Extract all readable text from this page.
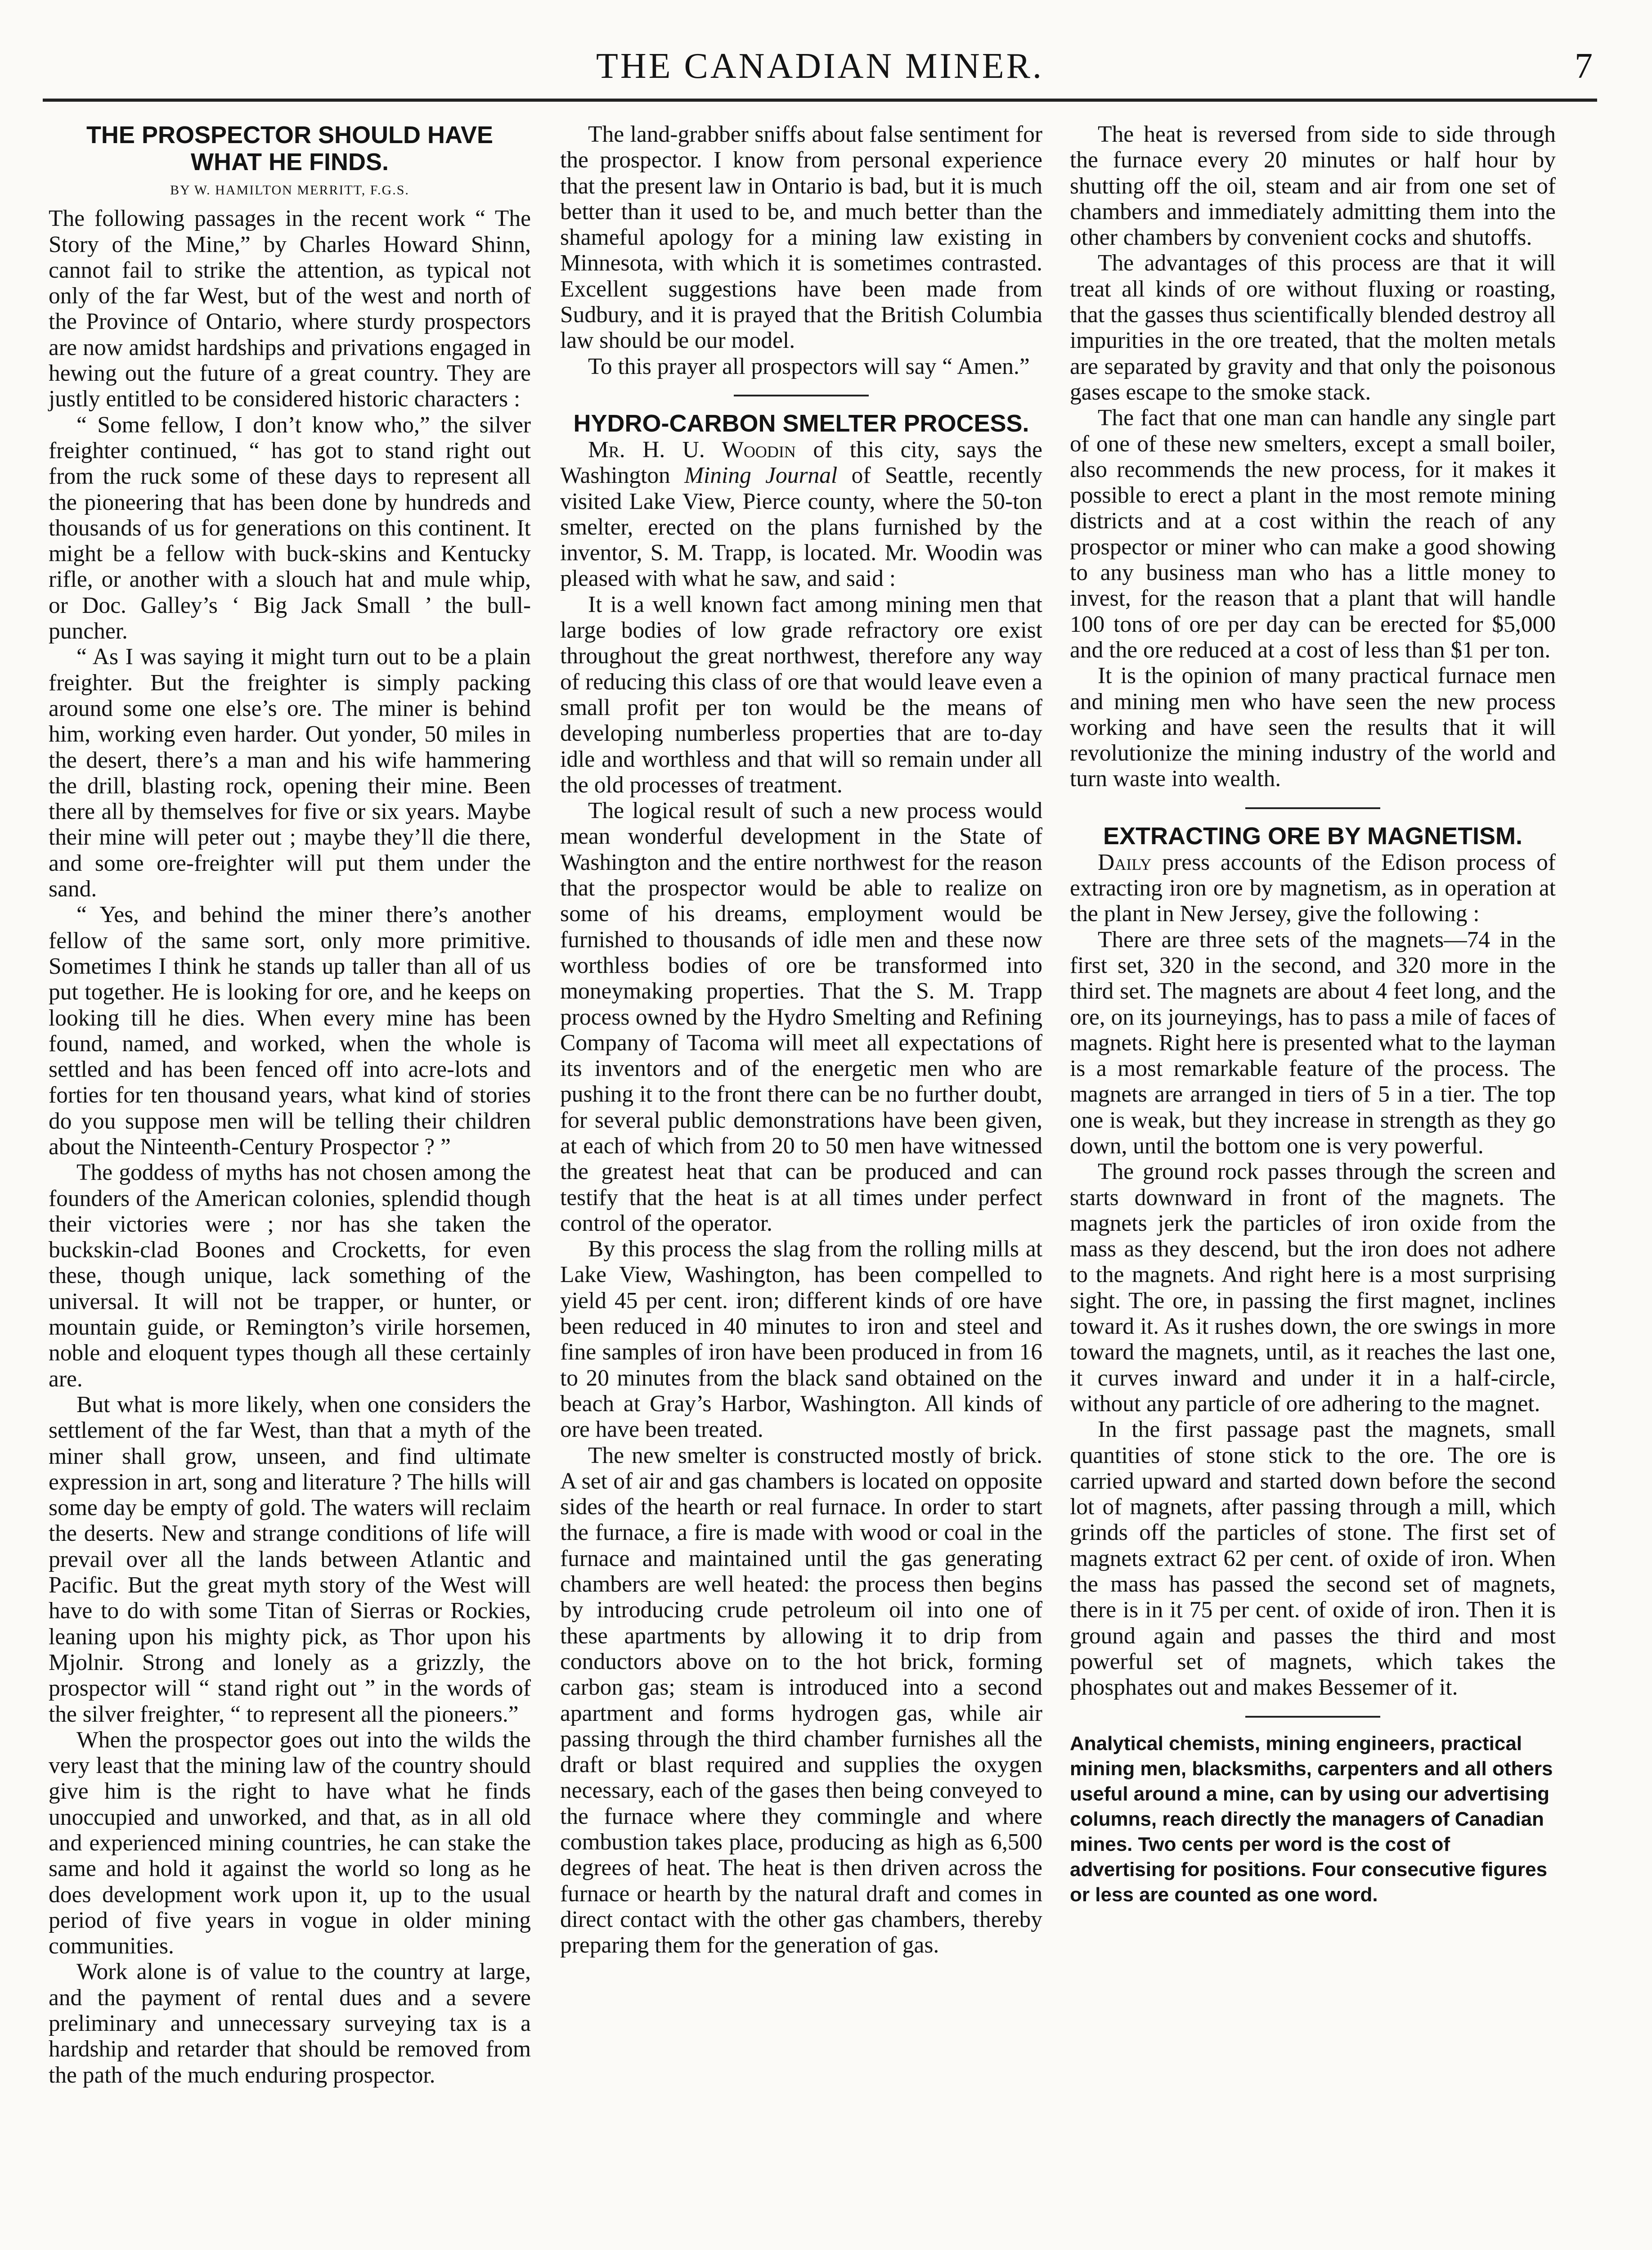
THE CANADIAN MINER.	7
THE PROSPECTOR SHOULD HAVE WHAT HE FINDS.
BY W. HAMILTON MERRITT, F.G.S.

The following passages in the recent work “ The Story of the Mine,” by Charles Howard Shinn, cannot fail to strike the attention, as typical not only of the far West, but of the west and north of the Province of Ontario, where sturdy prospectors are now amidst hardships and privations engaged in hewing out the future of a great country. They are justly entitled to be considered historic characters :

“ Some fellow, I don’t know who,” the silver freighter continued, “ has got to stand right out from the ruck some of these days to represent all the pioneering that has been done by hundreds and thousands of us for generations on this continent. It might be a fellow with buck-skins and Kentucky rifle, or another with a slouch hat and mule whip, or Doc. Galley’s ‘ Big Jack Small ’ the bull-puncher.

“ As I was saying it might turn out to be a plain freighter. But the freighter is simply packing around some one else’s ore. The miner is behind him, working even harder. Out yonder, 50 miles in the desert, there’s a man and his wife hammering the drill, blasting rock, opening their mine. Been there all by themselves for five or six years. Maybe their mine will peter out ; maybe they’ll die there, and some ore-freighter will put them under the sand.

“ Yes, and behind the miner there’s another fellow of the same sort, only more primitive. Sometimes I think he stands up taller than all of us put together. He is looking for ore, and he keeps on looking till he dies. When every mine has been found, named, and worked, when the whole is settled and has been fenced off into acre-lots and forties for ten thousand years, what kind of stories do you suppose men will be telling their children about the Ninteenth-Century Prospector ? ”

The goddess of myths has not chosen among the founders of the American colonies, splendid though their victories were ; nor has she taken the buckskin-clad Boones and Crocketts, for even these, though unique, lack something of the universal. It will not be trapper, or hunter, or mountain guide, or Remington’s virile horsemen, noble and eloquent types though all these certainly are.

But what is more likely, when one considers the settlement of the far West, than that a myth of the miner shall grow, unseen, and find ultimate expression in art, song and literature ? The hills will some day be empty of gold. The waters will reclaim the deserts. New and strange conditions of life will prevail over all the lands between Atlantic and Pacific. But the great myth story of the West will have to do with some Titan of Sierras or Rockies, leaning upon his mighty pick, as Thor upon his Mjolnir. Strong and lonely as a grizzly, the prospector will “ stand right out ” in the words of the silver freighter, “ to represent all the pioneers.”

When the prospector goes out into the wilds the very least that the mining law of the country should give him is the right to have what he finds unoccupied and unworked, and that, as in all old and experienced mining countries, he can stake the same and hold it against the world so long as he does development work upon it, up to the usual period of five years in vogue in older mining communities.

Work alone is of value to the country at large, and the payment of rental dues and a severe preliminary and unnecessary surveying tax is a hardship and retarder that should be removed from the path of the much enduring prospector.

The land-grabber sniffs about false sentiment for the prospector. I know from personal experience that the present law in Ontario is bad, but it is much better than it used to be, and much better than the shameful apology for a mining law existing in Minnesota, with which it is sometimes contrasted. Excellent suggestions have been made from Sudbury, and it is prayed that the British Columbia law should be our model.

To this prayer all prospectors will say “ Amen.”

HYDRO-CARBON SMELTER PROCESS.

Mr. H. U. Woodin of this city, says the Washington Mining Journal of Seattle, recently visited Lake View, Pierce county, where the 50-ton smelter, erected on the plans furnished by the inventor, S. M. Trapp, is located. Mr. Woodin was pleased with what he saw, and said :

It is a well known fact among mining men that large bodies of low grade refractory ore exist throughout the great northwest, therefore any way of reducing this class of ore that would leave even a small profit per ton would be the means of developing numberless properties that are to-day idle and worthless and that will so remain under all the old processes of treatment.

The logical result of such a new process would mean wonderful development in the State of Washington and the entire northwest for the reason that the prospector would be able to realize on some of his dreams, employment would be furnished to thousands of idle men and these now worthless bodies of ore be transformed into moneymaking properties. That the S. M. Trapp process owned by the Hydro Smelting and Refining Company of Tacoma will meet all expectations of its inventors and of the energetic men who are pushing it to the front there can be no further doubt, for several public demonstrations have been given, at each of which from 20 to 50 men have witnessed the greatest heat that can be produced and can testify that the heat is at all times under perfect control of the operator.

By this process the slag from the rolling mills at Lake View, Washington, has been compelled to yield 45 per cent. iron; different kinds of ore have been reduced in 40 minutes to iron and steel and fine samples of iron have been produced in from 16 to 20 minutes from the black sand obtained on the beach at Gray’s Harbor, Washington. All kinds of ore have been treated.

The new smelter is constructed mostly of brick. A set of air and gas chambers is located on opposite sides of the hearth or real furnace. In order to start the furnace, a fire is made with wood or coal in the furnace and maintained until the gas generating chambers are well heated: the process then begins by introducing crude petroleum oil into one of these apartments by allowing it to drip from conductors above on to the hot brick, forming carbon gas; steam is introduced into a second apartment and forms hydrogen gas, while air passing through the third chamber furnishes all the draft or blast required and supplies the oxygen necessary, each of the gases then being conveyed to the furnace where they commingle and where combustion takes place, producing as high as 6,500 degrees of heat. The heat is then driven across the furnace or hearth by the natural draft and comes in direct contact with the other gas chambers, thereby preparing them for the generation of gas.

The heat is reversed from side to side through the furnace every 20 minutes or half hour by shutting off the oil, steam and air from one set of chambers and immediately admitting them into the other chambers by convenient cocks and shutoffs.

The advantages of this process are that it will treat all kinds of ore without fluxing or roasting, that the gasses thus scientifically blended destroy all impurities in the ore treated, that the molten metals are separated by gravity and that only the poisonous gases escape to the smoke stack.

The fact that one man can handle any single part of one of these new smelters, except a small boiler, also recommends the new process, for it makes it possible to erect a plant in the most remote mining districts and at a cost within the reach of any prospector or miner who can make a good showing to any business man who has a little money to invest, for the reason that a plant that will handle 100 tons of ore per day can be erected for $5,000 and the ore reduced at a cost of less than $1 per ton.

It is the opinion of many practical furnace men and mining men who have seen the new process working and have seen the results that it will revolutionize the mining industry of the world and turn waste into wealth.

EXTRACTING ORE BY MAGNETISM.

Daily press accounts of the Edison process of extracting iron ore by magnetism, as in operation at the plant in New Jersey, give the following :

There are three sets of the magnets—74 in the first set, 320 in the second, and 320 more in the third set. The magnets are about 4 feet long, and the ore, on its journeyings, has to pass a mile of faces of magnets. Right here is presented what to the layman is a most remarkable feature of the process. The magnets are arranged in tiers of 5 in a tier. The top one is weak, but they increase in strength as they go down, until the bottom one is very powerful.

The ground rock passes through the screen and starts downward in front of the magnets. The magnets jerk the particles of iron oxide from the mass as they descend, but the iron does not adhere to the magnets. And right here is a most surprising sight. The ore, in passing the first magnet, inclines toward it. As it rushes down, the ore swings in more toward the magnets, until, as it reaches the last one, it curves inward and under it in a half-circle, without any particle of ore adhering to the magnet.

In the first passage past the magnets, small quantities of stone stick to the ore. The ore is carried upward and started down before the second lot of magnets, after passing through a mill, which grinds off the particles of stone. The first set of magnets extract 62 per cent. of oxide of iron. When the mass has passed the second set of magnets, there is in it 75 per cent. of oxide of iron. Then it is ground again and passes the third and most powerful set of magnets, which takes the phosphates out and makes Bessemer of it.

Analytical chemists, mining engineers, practical mining men, blacksmiths, carpenters and all others useful around a mine, can by using our advertising columns, reach directly the managers of Canadian mines. Two cents per word is the cost of advertising for positions. Four consecutive figures or less are counted as one word.
